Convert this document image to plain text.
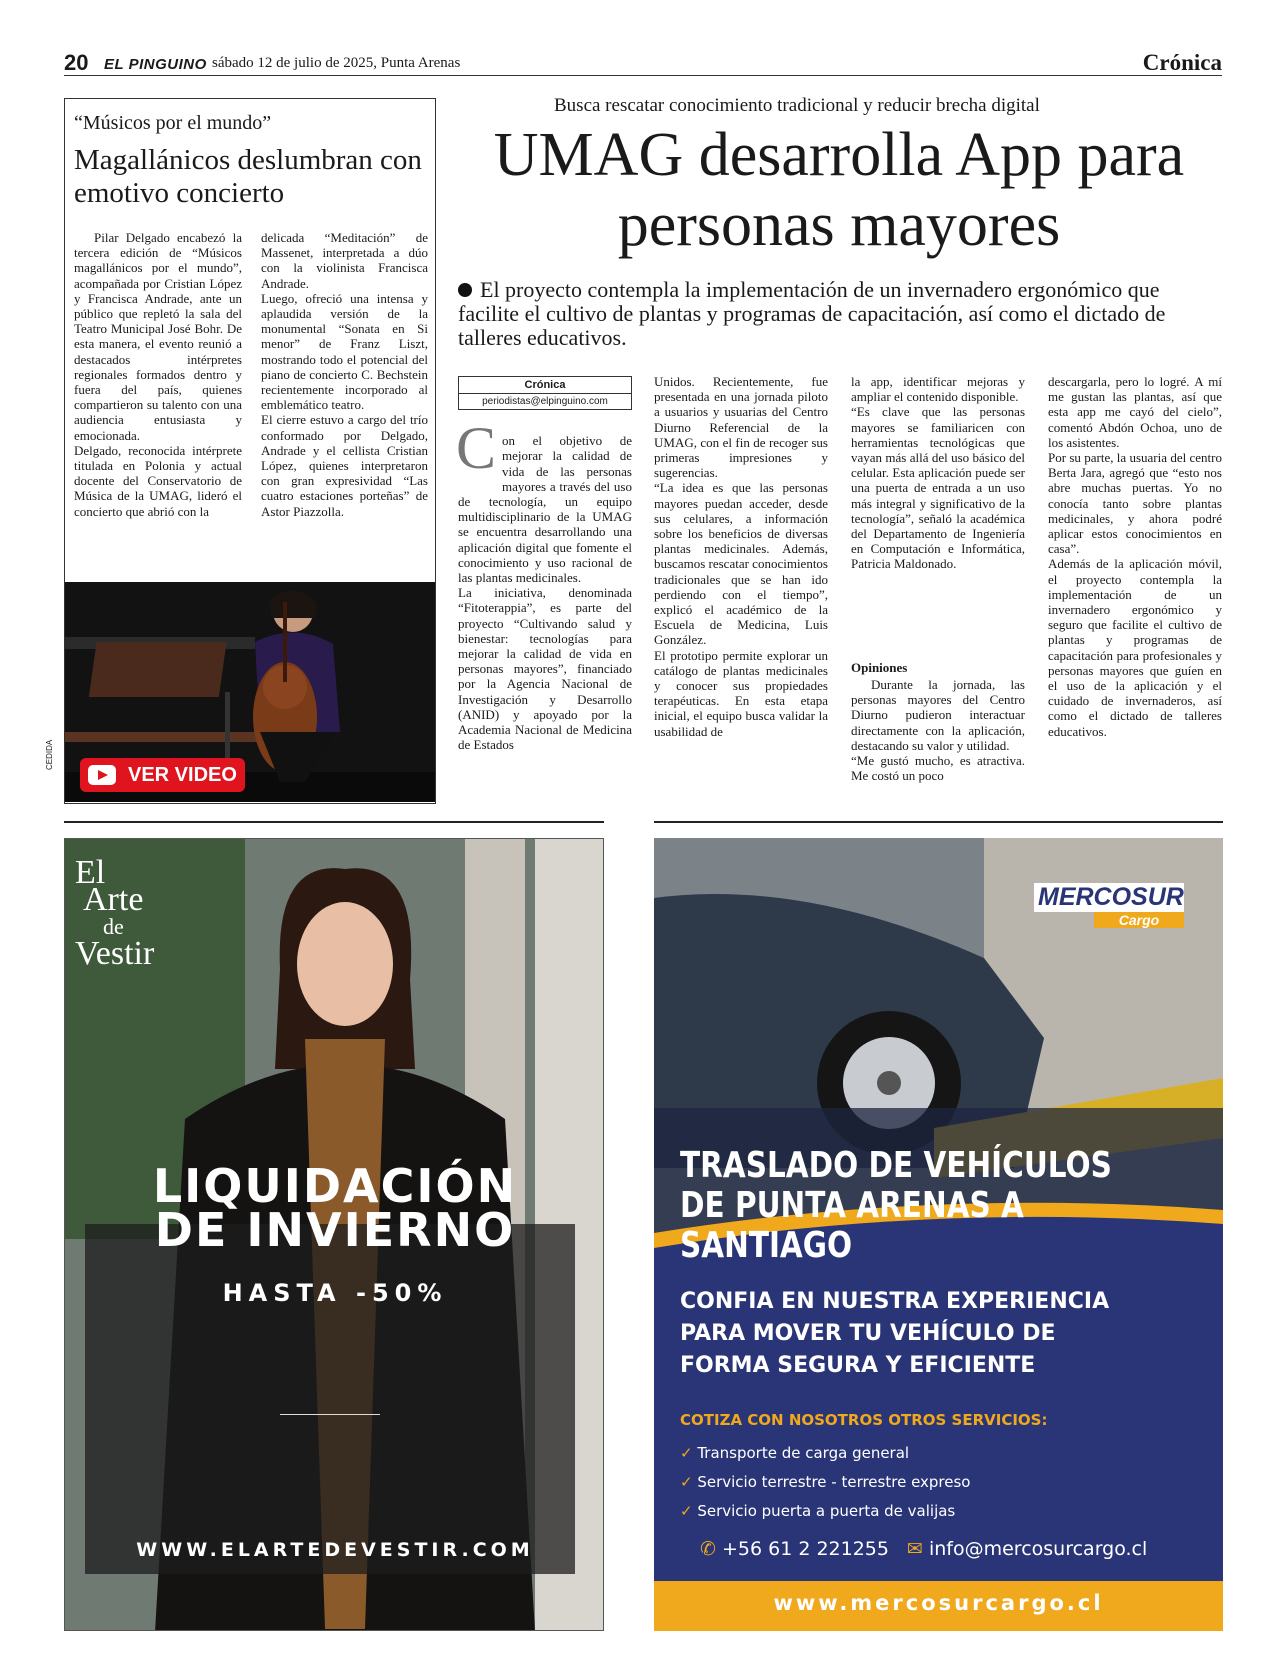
20 EL PINGUINO sábado 12 de julio de 2025, Punta Arenas	Crónica
“Músicos por el mundo”
Magallánicos deslumbran con emotivo concierto
Pilar Delgado encabezó la tercera edición de “Músicos magallánicos por el mundo”, acompañada por Cristian López y Francisca Andrade, ante un público que repletó la sala del Teatro Municipal José Bohr. De esta manera, el evento reunió a destacados intérpretes regionales formados dentro y fuera del país, quienes compartieron su talento con una audiencia entusiasta y emocionada.
Delgado, reconocida intérprete titulada en Polonia y actual docente del Conservatorio de Música de la UMAG, lideró el concierto que abrió con la
delicada “Meditación” de Massenet, interpretada a dúo con la violinista Francisca Andrade.
Luego, ofreció una intensa y aplaudida versión de la monumental “Sonata en Si menor” de Franz Liszt, mostrando todo el potencial del piano de concierto C. Bechstein recientemente incorporado al emblemático teatro.
El cierre estuvo a cargo del trío conformado por Delgado, Andrade y el cellista Cristian López, quienes interpretaron con gran expresividad “Las cuatro estaciones porteñas” de Astor Piazzolla.
VER VIDEO
CEDIDA
Busca rescatar conocimiento tradicional y reducir brecha digital
UMAG desarrolla App para personas mayores
El proyecto contempla la implementación de un invernadero ergonómico que facilite el cultivo de plantas y programas de capacitación, así como el dictado de talleres educativos.
Crónica
periodistas@elpinguino.com
C on el objetivo de mejorar la calidad de vida de las personas mayores a través del uso de tecnología, un equipo multidisciplinario de la UMAG se encuentra desarrollando una aplicación digital que fomente el conocimiento y uso racional de las plantas medicinales.
La iniciativa, denominada “Fitoterappia”, es parte del proyecto “Cultivando salud y bienestar: tecnologías para mejorar la calidad de vida en personas mayores”, financiado por la Agencia Nacional de Investigación y Desarrollo (ANID) y apoyado por la Academia Nacional de Medicina de Estados

Unidos. Recientemente, fue presentada en una jornada piloto a usuarios y usuarias del Centro Diurno Referencial de la UMAG, con el fin de recoger sus primeras impresiones y sugerencias.
“La idea es que las personas mayores puedan acceder, desde sus celulares, a información sobre los beneficios de diversas plantas medicinales. Además, buscamos rescatar conocimientos tradicionales que se han ido perdiendo con el tiempo”, explicó el académico de la Escuela de Medicina, Luis González.
El prototipo permite explorar un catálogo de plantas medicinales y conocer sus propiedades terapéuticas. En esta etapa inicial, el equipo busca validar la usabilidad de
la app, identificar mejoras y ampliar el contenido disponible.
“Es clave que las personas mayores se familiaricen con herramientas tecnológicas que vayan más allá del uso básico del celular. Esta aplicación puede ser una puerta de entrada a un uso más integral y significativo de la tecnología”, señaló la académica del Departamento de Ingeniería en Computación e Informática, Patricia Maldonado.
Opiniones
Durante la jornada, las personas mayores del Centro Diurno pudieron interactuar directamente con la aplicación, destacando su valor y utilidad.
“Me gustó mucho, es atractiva. Me costó un poco
descargarla, pero lo logré. A mí me gustan las plantas, así que esta app me cayó del cielo”, comentó Abdón Ochoa, uno de los asistentes.
Por su parte, la usuaria del centro Berta Jara, agregó que “esto nos abre muchas puertas. Yo no conocía tanto sobre plantas medicinales, y ahora podré aplicar estos conocimientos en casa”.
Además de la aplicación móvil, el proyecto contempla la implementación de un invernadero ergonómico y seguro que facilite el cultivo de plantas y programas de capacitación para profesionales y personas mayores que guíen en el uso de la aplicación y el cuidado de invernaderos, así como el dictado de talleres educativos.
El
Arte
de
Vestir
LIQUIDACIÓN
DE INVIERNO
HASTA -50%
WWW.ELARTEDEVESTIR.COM
MERCOSUR
Cargo
TRASLADO DE VEHÍCULOS
DE PUNTA ARENAS A SANTIAGO
CONFIA EN NUESTRA EXPERIENCIA
PARA MOVER TU VEHÍCULO DE
FORMA SEGURA Y EFICIENTE
COTIZA CON NOSOTROS OTROS SERVICIOS:
✓ Transporte de carga general
✓ Servicio terrestre - terrestre expreso
✓ Servicio puerta a puerta de valijas
✆ +56 61 2 221255 ✉ info@mercosurcargo.cl
www.mercosurcargo.cl
